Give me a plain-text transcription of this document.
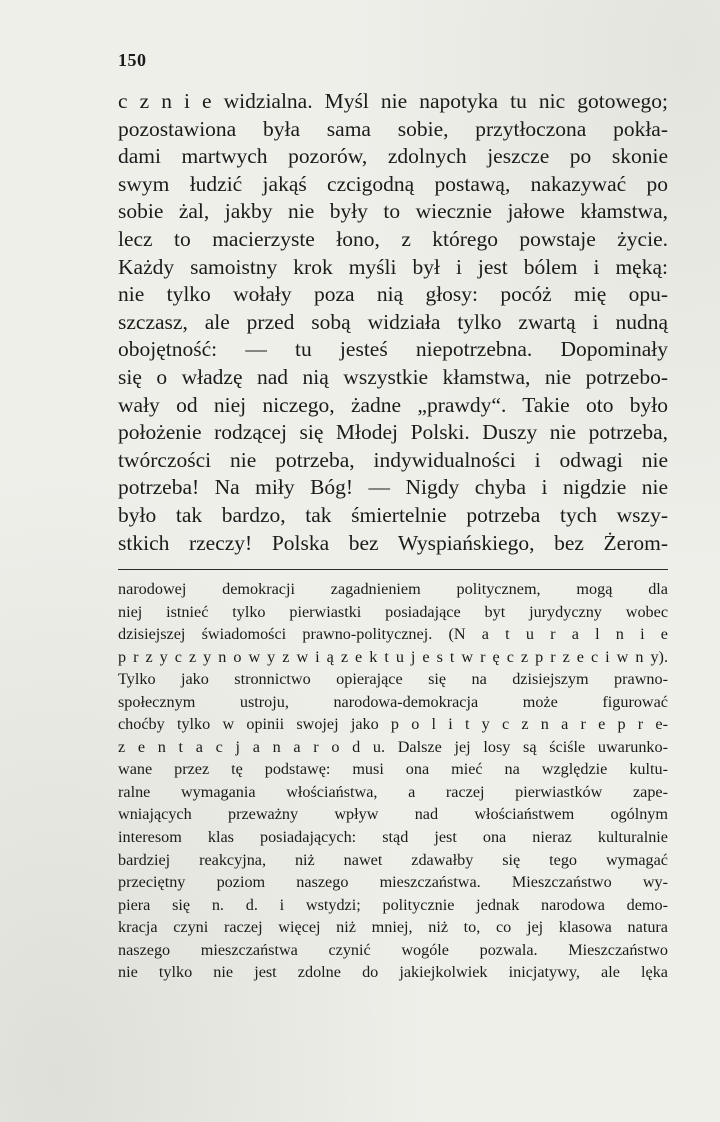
150
c z n i e widzialna. Myśl nie napotyka tu nic gotowego;
pozostawiona była sama sobie, przytłoczona pokła-
dami martwych pozorów, zdolnych jeszcze po skonie
swym łudzić jakąś czcigodną postawą, nakazywać po
sobie żal, jakby nie były to wiecznie jałowe kłamstwa,
lecz to macierzyste łono, z którego powstaje życie.
Każdy samoistny krok myśli był i jest bólem i męką:
nie tylko wołały poza nią głosy: pocóż mię opu-
szczasz, ale przed sobą widziała tylko zwartą i nudną
obojętność: — tu jesteś niepotrzebna. Dopominały
się o władzę nad nią wszystkie kłamstwa, nie potrzebo-
wały od niej niczego, żadne „prawdy“. Takie oto było
położenie rodzącej się Młodej Polski. Duszy nie potrzeba,
twórczości nie potrzeba, indywidualności i odwagi nie
potrzeba! Na miły Bóg! — Nigdy chyba i nigdzie nie
było tak bardzo, tak śmiertelnie potrzeba tych wszy-
stkich rzeczy! Polska bez Wyspiańskiego, bez Żerom-
narodowej demokracji zagadnieniem politycznem, mogą dla
niej istnieć tylko pierwiastki posiadające byt jurydyczny wobec
dzisiejszej świadomości prawno-politycznej. (N a t u r a l n i e
p r z y c z y n o w y z w i ą z e k t u j e s t w r ę c z p r z e c i w n y).
Tylko jako stronnictwo opierające się na dzisiejszym prawno-
społecznym ustroju, narodowa-demokracja może figurować
choćby tylko w opinii swojej jako p o l i t y c z n a r e p r e-
z e n t a c j a n a r o d u. Dalsze jej losy są ściśle uwarunko-
wane przez tę podstawę: musi ona mieć na względzie kultu-
ralne wymagania włościaństwa, a raczej pierwiastków zape-
wniających przeważny wpływ nad włościaństwem ogólnym
interesom klas posiadających: stąd jest ona nieraz kulturalnie
bardziej reakcyjna, niż nawet zdawałby się tego wymagać
przeciętny poziom naszego mieszczaństwa. Mieszczaństwo wy-
piera się n. d. i wstydzi; politycznie jednak narodowa demo-
kracja czyni raczej więcej niż mniej, niż to, co jej klasowa natura
naszego mieszczaństwa czynić wogóle pozwala. Mieszczaństwo
nie tylko nie jest zdolne do jakiejkolwiek inicjatywy, ale lęka
